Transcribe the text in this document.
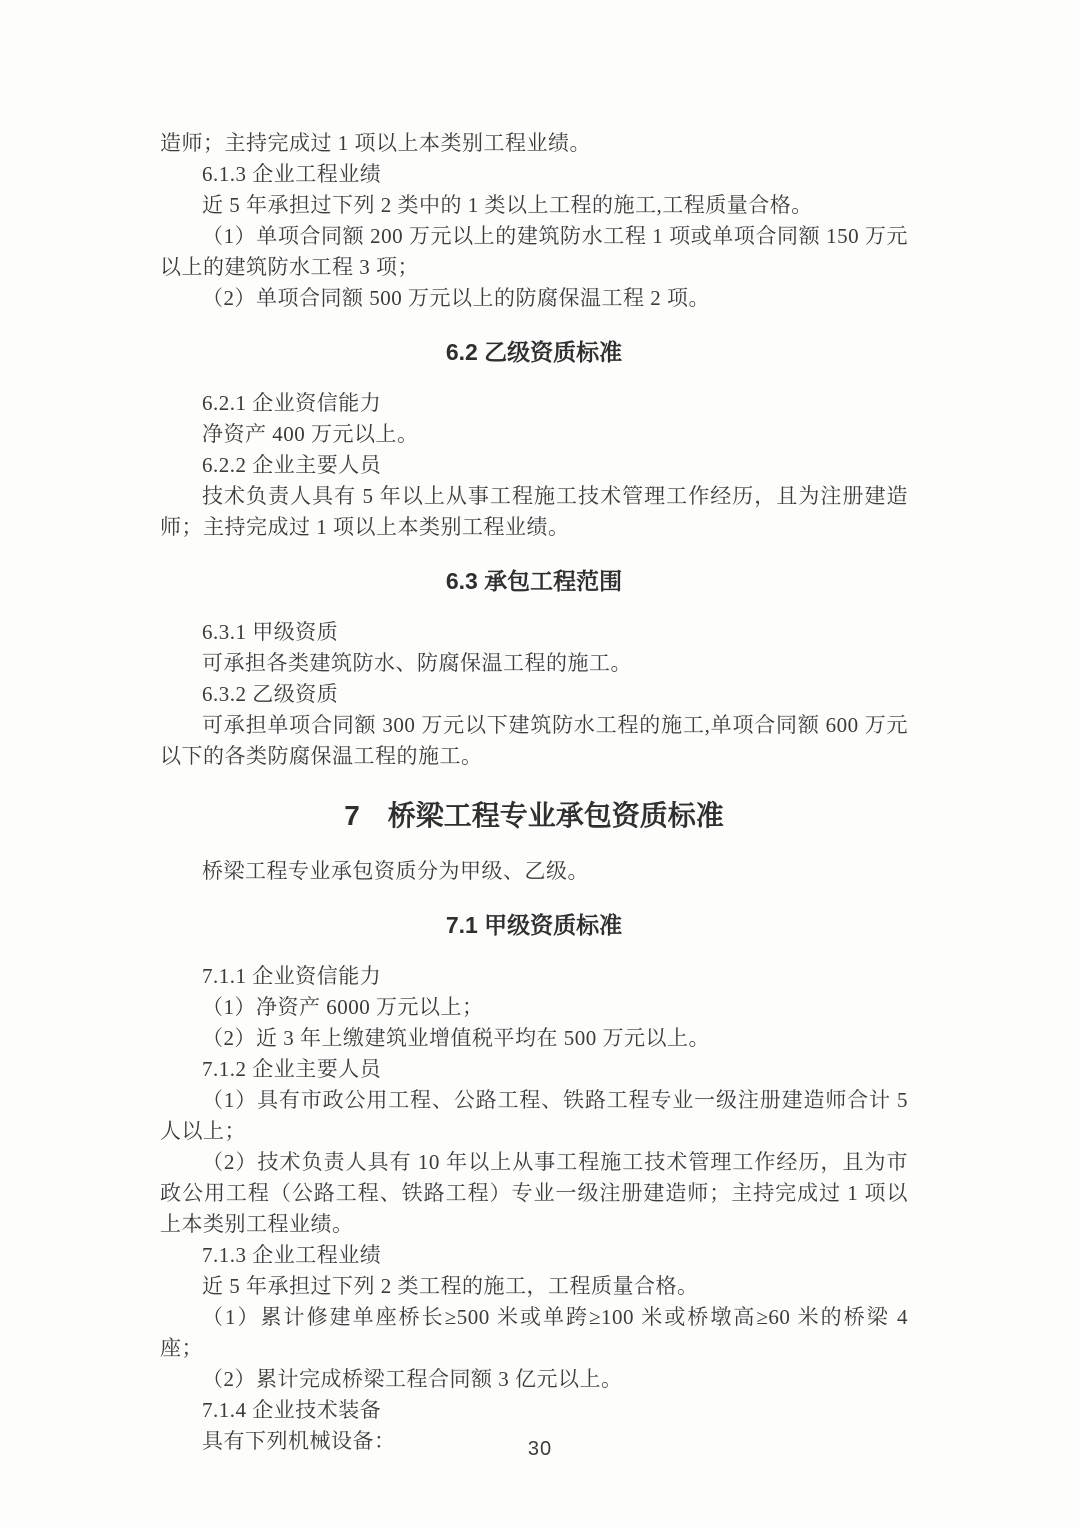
造师；主持完成过 1 项以上本类别工程业绩。
6.1.3 企业工程业绩
近 5 年承担过下列 2 类中的 1 类以上工程的施工,工程质量合格。
（1）单项合同额 200 万元以上的建筑防水工程 1 项或单项合同额 150 万元以上的建筑防水工程 3 项；
（2）单项合同额 500 万元以上的防腐保温工程 2 项。
6.2 乙级资质标准
6.2.1 企业资信能力
净资产 400 万元以上。
6.2.2 企业主要人员
技术负责人具有 5 年以上从事工程施工技术管理工作经历，且为注册建造师；主持完成过 1 项以上本类别工程业绩。
6.3 承包工程范围
6.3.1 甲级资质
可承担各类建筑防水、防腐保温工程的施工。
6.3.2 乙级资质
可承担单项合同额 300 万元以下建筑防水工程的施工,单项合同额 600 万元以下的各类防腐保温工程的施工。
7　桥梁工程专业承包资质标准
桥梁工程专业承包资质分为甲级、乙级。
7.1 甲级资质标准
7.1.1 企业资信能力
（1）净资产 6000 万元以上；
（2）近 3 年上缴建筑业增值税平均在 500 万元以上。
7.1.2 企业主要人员
（1）具有市政公用工程、公路工程、铁路工程专业一级注册建造师合计 5 人以上；
（2）技术负责人具有 10 年以上从事工程施工技术管理工作经历，且为市政公用工程（公路工程、铁路工程）专业一级注册建造师；主持完成过 1 项以上本类别工程业绩。
7.1.3 企业工程业绩
近 5 年承担过下列 2 类工程的施工，工程质量合格。
（1）累计修建单座桥长≥500 米或单跨≥100 米或桥墩高≥60 米的桥梁 4 座；
（2）累计完成桥梁工程合同额 3 亿元以上。
7.1.4 企业技术装备
具有下列机械设备：	30
